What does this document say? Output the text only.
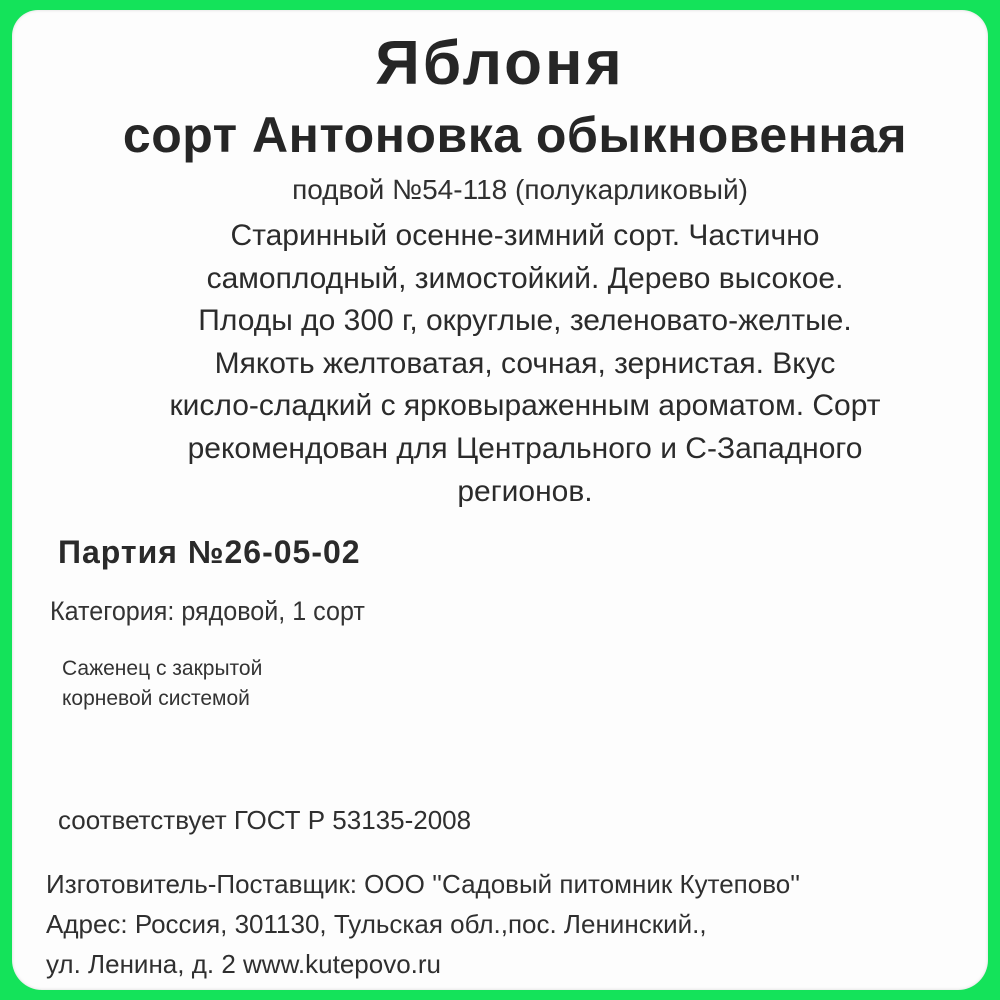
Яблоня
сорт Антоновка обыкновенная
подвой №54-118 (полукарликовый)
Старинный осенне-зимний сорт. Частично
самоплодный, зимостойкий. Дерево высокое.
Плоды до 300 г, округлые, зеленовато-желтые.
Мякоть желтоватая, сочная, зернистая. Вкус
кисло-сладкий с ярковыраженным ароматом. Сорт
рекомендован для Центрального и С-Западного
регионов.
Партия №26-05-02
Категория: рядовой, 1 сорт
Саженец с закрытой
корневой системой
соответствует ГОСТ Р 53135-2008
Изготовитель-Поставщик: ООО ''Садовый питомник Кутепово''
Адрес: Россия, 301130, Тульская обл.,пос. Ленинский.,
ул. Ленина, д. 2 www.kutepovo.ru
